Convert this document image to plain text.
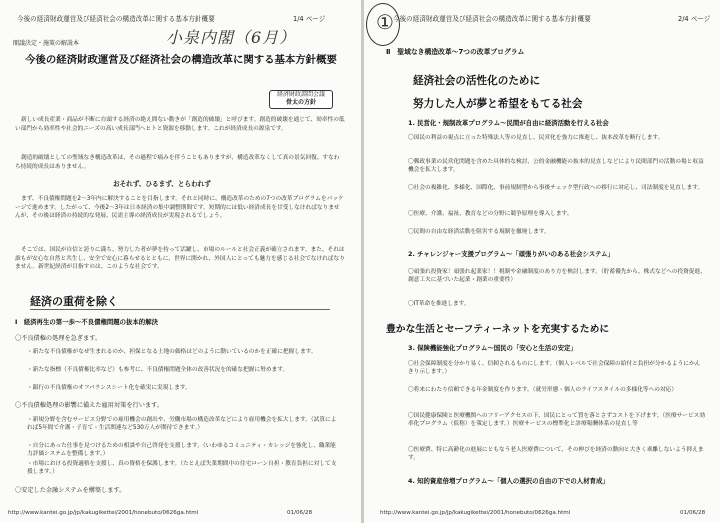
今後の経済財政運営及び経済社会の構造改革に関する基本方針概要	1/4 ページ
閣議決定・施策の解説本	小泉内閣（6月）
今後の経済財政運営及び経済社会の構造改革に関する基本方針概要
経済財政諮問会議
骨太の方針
新しい成長産業・商品が不断に台頭する経済の絶え間ない動きが「創造的破壊」と呼びます。創造的破壊を通じて、効率性の低い部門から効率性や社会的ニーズの高い成長部門へヒトと資源を移動します。これが経済成長の源泉です。
創造的破壊としての聖域なき構造改革は、その過程で痛みを伴うこともありますが、構造改革なくして真の景気回復、すなわち持続的成長はありません。
おそれず、ひるまず、とらわれず
まず、不良債権問題を2～3年内に解決することを目指します。それと同時に、構造改革のための7つの改革プログラムをパッケージで進めます。したがって、今後2～3年は日本経済の集中調整期間です。短期的には低い経済成長を甘受しなければなりませんが、その後は経済の持続的な発展、民需主導の経済成長が実現されるでしょう。
そこでは、国民が自信と誇りに満ち、努力した者が夢を持って活躍し、市場のルールと社会正義が確立されます。また、それは誰もが安心な自然と共生し、安全で安心に暮らせるとともに、世界に開かれ、外国人にとっても魅力を感じる社会でなければなりません。新世紀経済が目指すのは、このような社会です。
経済の重荷を除く
Ⅰ　経済再生の第一歩～不良債権問題の抜本的解決
〇不良債権の処理を急ぎます。
・新たな不良債権がなぜ生まれるのか、担保となる土地の価格はどのように動いているのかを正確に把握します。
・新たな指標（不良債権比率など）も参考に、不良債権問題全体の改善状況を的確な把握に努めます。
・銀行の不良債権のオフバランスシート化を確実に実現します。
〇不良債権処理の影響に備えた雇用対策を行います。
・新規分野を含むサービス分野での雇用機会の創出や、労働市場の構造改革などにより雇用機会を拡大します。（試算によれば5年間で介護・子育て・生活関連など530万人が期待できます。）
・自分にあった仕事を見つけるための相談や自己啓発を支援します。（いわゆるコミュニティ・カレッジを強化し、職業能力評価システムを整備します。）
・市場における投資適格を支援し、真の資格を保護します。（たとえば失業期間中の住宅ローン自担・教育負担に対して支援します。）
〇安定した金融システムを構築します。
http://www.kantei.go.jp/jp/kakugikettei/2001/honebuto/0626ga.html	01/06/28
① 今後の経済財政運営及び経済社会の構造改革に関する基本方針概要	2/4 ページ
Ⅱ　聖域なき構造改革～7つの改革プログラム
経済社会の活性化のために
努力した人が夢と希望をもてる社会
1. 民営化・規制改革プログラム～民間が自由に経済活動を行える社会
〇国民の利益の視点に立った特殊法人等の見直し、民営化を強力に推進し、抜本改革を断行します。
〇郵政事業の民営化問題を含めた具体的な検討、公的金融機能の抜本的見直しなどにより民間部門の活動の場と収益機会を拡大します。
〇社会の複雑化、多様化、国際化、事前規制型から事後チェック型行政への移行に対応し、司法制度を見直します。
〇医療、介護、福祉、教育などの分野に競争原理を導入します。
〇民間の自由な経済活動を阻害する規制を撤廃します。
2. チャレンジャー支援プログラム～「頑張りがいのある社会システム」
〇頑張れ投資家！頑張れ起業家！！税制や金融制度のあり方を検討します。（貯蓄優先から、株式などへの投資促進、創意工夫に基づいた起業・創業の重要性）
〇IT革命を推進します。
豊かな生活とセーフティーネットを充実するために
3. 保険機能強化プログラム～国民の「安心と生活の安定」
〇社会保障制度を分かり易く、信頼されるものにします。（個人レベルで社会保障の給付と負担が分かるようにかんきり示します。）
〇将来にわたり信頼できる年金制度を作ります。（就労形態・個人のライフスタイルの多様化等への対応）
〇国民健康保険と医療機関へのフリーアクセスの下、国民にとって質を落とさずコストを下げます。（医療サービス効率化プログラム（仮称）を策定します。）医療サービスの標準化と診療報酬体系の見直し等
〇医療費、特に高齢化の進展にともなう老人医療費について、その伸びを経済の動向と大きく乖離しないよう抑えます。
4. 知的資産倍増プログラム～「個人の選択の自由の下での人材育成」
http://www.kantei.go.jp/jp/kakugikettei/2001/honebuto/0626ga.html	01/06/28
